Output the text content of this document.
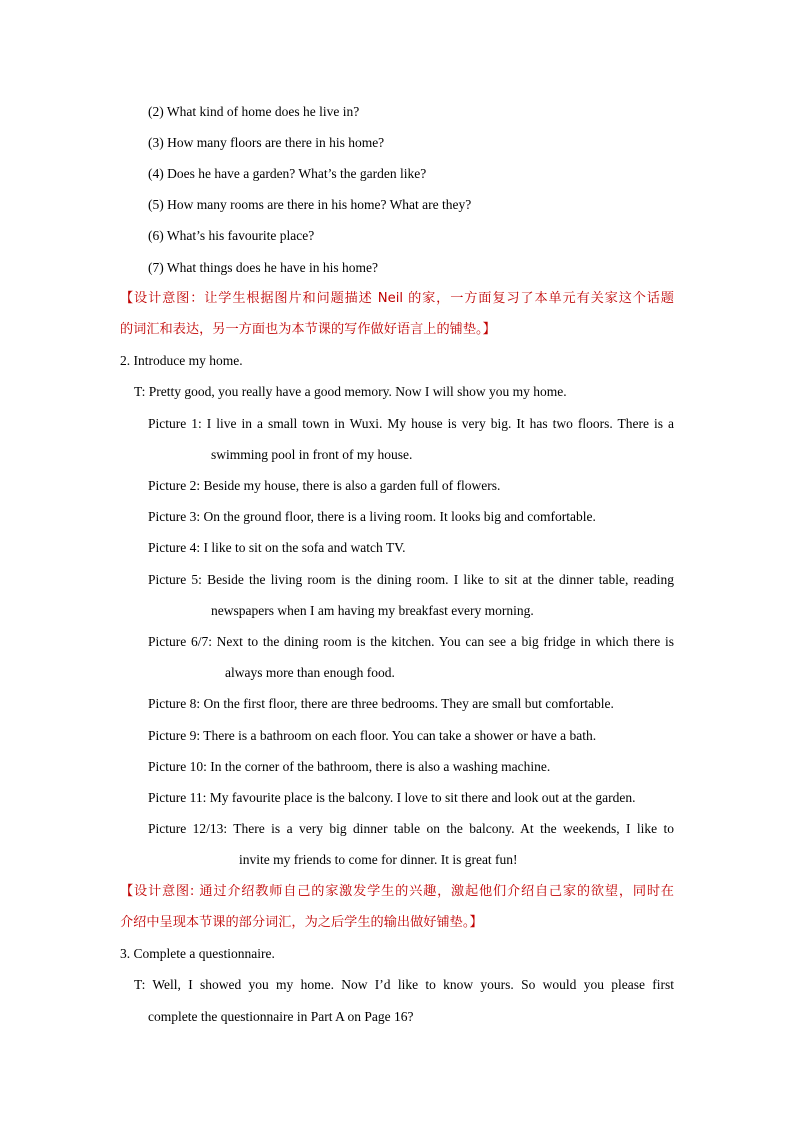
(2) What kind of home does he live in?
(3) How many floors are there in his home?
(4) Does he have a garden? What’s the garden like?
(5) How many rooms are there in his home? What are they?
(6) What’s his favourite place?
(7) What things does he have in his home?
【设计意图：让学生根据图片和问题描述 Neil 的家，一方面复习了本单元有关家这个话题
的词汇和表达，另一方面也为本节课的写作做好语言上的铺垫。】
2. Introduce my home.
T: Pretty good, you really have a good memory. Now I will show you my home.
Picture 1: I live in a small town in Wuxi. My house is very big. It has two floors. There is a
swimming pool in front of my house.
Picture 2: Beside my house, there is also a garden full of flowers.
Picture 3: On the ground floor, there is a living room. It looks big and comfortable.
Picture 4: I like to sit on the sofa and watch TV.
Picture 5: Beside the living room is the dining room. I like to sit at the dinner table, reading
newspapers when I am having my breakfast every morning.
Picture 6/7: Next to the dining room is the kitchen. You can see a big fridge in which there is
always more than enough food.
Picture 8: On the first floor, there are three bedrooms. They are small but comfortable.
Picture 9: There is a bathroom on each floor. You can take a shower or have a bath.
Picture 10: In the corner of the bathroom, there is also a washing machine.
Picture 11: My favourite place is the balcony. I love to sit there and look out at the garden.
Picture 12/13: There is a very big dinner table on the balcony. At the weekends, I like to
invite my friends to come for dinner. It is great fun!
【设计意图: 通过介绍教师自己的家激发学生的兴趣，激起他们介绍自己家的欲望，同时在
介绍中呈现本节课的部分词汇，为之后学生的输出做好铺垫。】
3. Complete a questionnaire.
T: Well, I showed you my home. Now I’d like to know yours. So would you please first
complete the questionnaire in Part A on Page 16?
